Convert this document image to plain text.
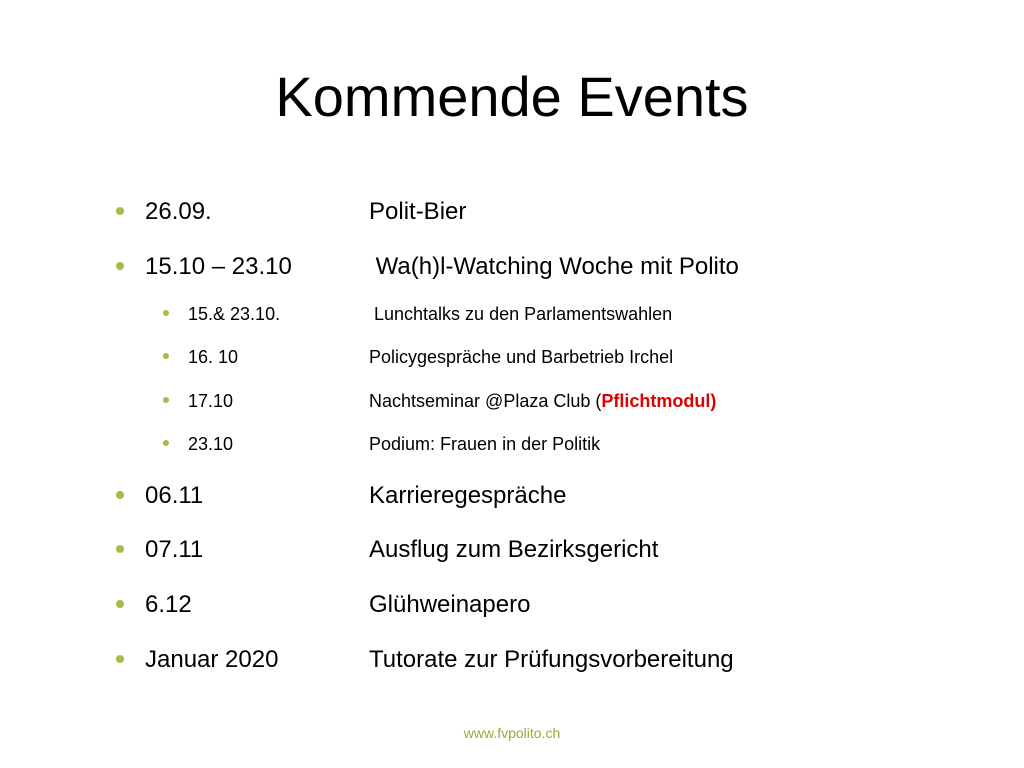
Kommende Events
26.09.	Polit-Bier
15.10 – 23.10	Wa(h)l-Watching Woche mit Polito
15.& 23.10.	Lunchtalks zu den Parlamentswahlen
16. 10	Policygespräche und Barbetrieb Irchel
17.10	Nachtseminar @Plaza Club (Pflichtmodul)
23.10	Podium: Frauen in der Politik
06.11	Karrieregespräche
07.11	Ausflug zum Bezirksgericht
6.12	Glühweinapero
Januar 2020	Tutorate zur Prüfungsvorbereitung
www.fvpolito.ch
